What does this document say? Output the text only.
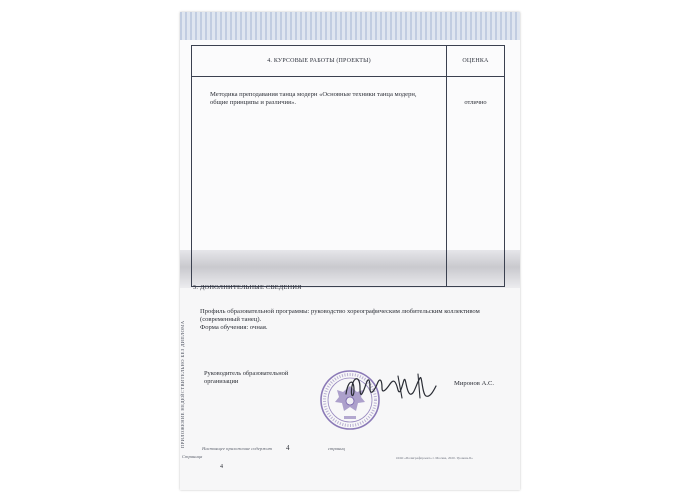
4. КУРСОВЫЕ РАБОТЫ (ПРОЕКТЫ)	ОЦЕНКА

Методика преподавания танца модерн «Основные техники танца модерн, общие принципы и различия».	отлично
5. ДОПОЛНИТЕЛЬНЫЕ СВЕДЕНИЯ
Профиль образовательной программы: руководство хореографическим любительским коллективом
(современный танец).
Форма обучения: очная.
ПРИЛОЖЕНИЕ НЕДЕЙСТВИТЕЛЬНО БЕЗ ДИПЛОМА	Руководитель образовательной
организации	Миронов А.С.
Настоящее приложение содержит 4	страниц
Страница
4
ООО «Полиграфпроект» г. Москва, 2020. Уровень Б»
